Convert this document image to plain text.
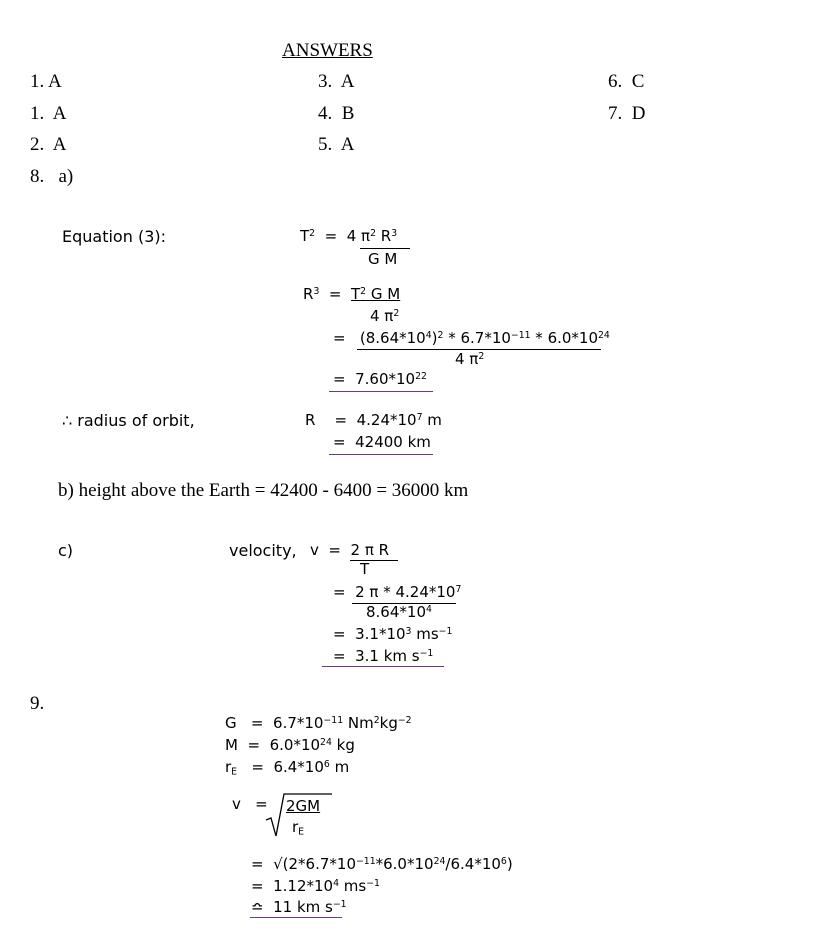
ANSWERS
1. A	3. A	6. C
1. A	4. B	7. D
2. A	5. A
8. a)
Equation (3):	$T^2 = 4$ $\pi^2$ $R^3$
G M
$R^3 = T^2$ G M
4 $\pi^2$
=   $(8.64*10^4)^2 * 6.7*10^{-11} * 6.0*10^{24}$
4 $\pi^2$
=  $7.60*10^{22}$
∴ radius of orbit,	R    =  $4.24*10^7$ m
=  42400 km
b) height above the Earth = 42400 - 6400 = 36000 km
c)	velocity, v  =  2 π R
T
=  2 π * $4.24*10^7$
$8.64*10^4$
=  $3.1*10^3$ $ms^{-1}$
=  3.1 km $s^{-1}$
9.
$G = 6.7*10^{-11}$ $Nm^2kg^{-2}$
$M = 6.0*10^{24}$ kg
$r_E = 6.4*10^6$ m
v   = 2GM
$r_E$
=  $√(2*6.7*10^{-11}*6.0*10^{24}/6.4*10^6)$
=  $1.12*10^4$ $ms^{-1}$
≏  11 km $s^{-1}$
